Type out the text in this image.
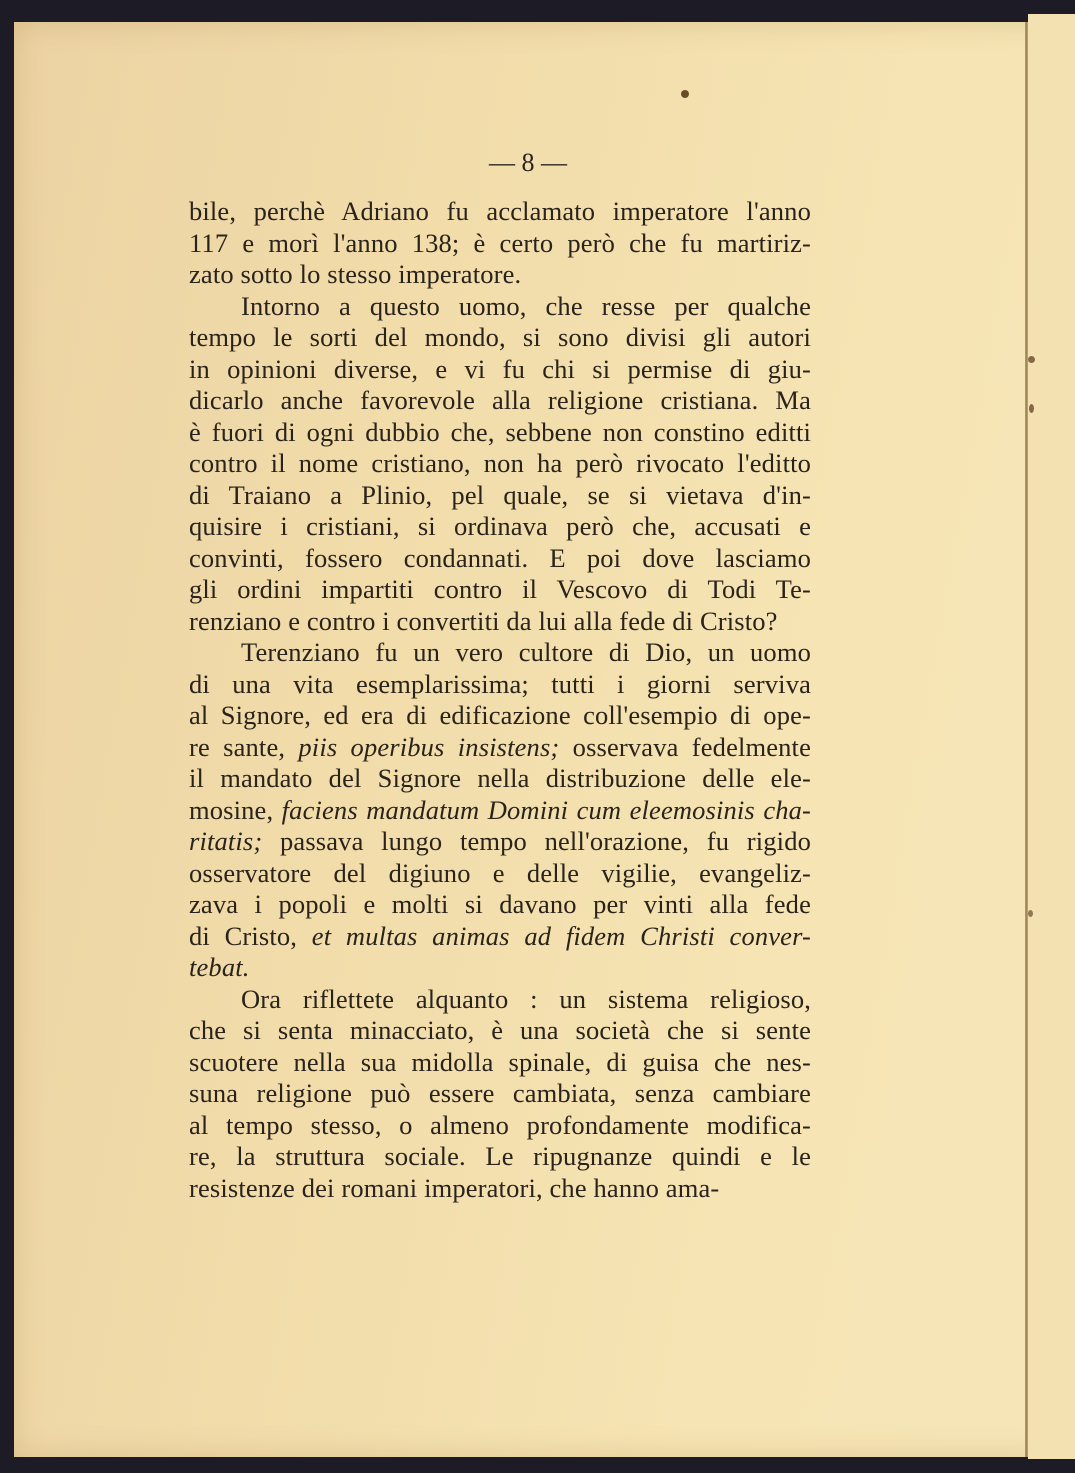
— 8 —
bile, perchè Adriano fu acclamato imperatore l'anno
117 e morì l'anno 138; è certo però che fu martiriz-
zato sotto lo stesso imperatore.
Intorno a questo uomo, che resse per qualche
tempo le sorti del mondo, si sono divisi gli autori
in opinioni diverse, e vi fu chi si permise di giu-
dicarlo anche favorevole alla religione cristiana. Ma
è fuori di ogni dubbio che, sebbene non constino editti
contro il nome cristiano, non ha però rivocato l'editto
di Traiano a Plinio, pel quale, se si vietava d'in-
quisire i cristiani, si ordinava però che, accusati e
convinti, fossero condannati. E poi dove lasciamo
gli ordini impartiti contro il Vescovo di Todi Te-
renziano e contro i convertiti da lui alla fede di Cristo?
Terenziano fu un vero cultore di Dio, un uomo
di una vita esemplarissima; tutti i giorni serviva
al Signore, ed era di edificazione coll'esempio di ope-
re sante, piis operibus insistens; osservava fedelmente
il mandato del Signore nella distribuzione delle ele-
mosine, faciens mandatum Domini cum eleemosinis cha-
ritatis; passava lungo tempo nell'orazione, fu rigido
osservatore del digiuno e delle vigilie, evangeliz-
zava i popoli e molti si davano per vinti alla fede
di Cristo, et multas animas ad fidem Christi conver-
tebat.
Ora riflettete alquanto : un sistema religioso,
che si senta minacciato, è una società che si sente
scuotere nella sua midolla spinale, di guisa che nes-
suna religione può essere cambiata, senza cambiare
al tempo stesso, o almeno profondamente modifica-
re, la struttura sociale. Le ripugnanze quindi e le
resistenze dei romani imperatori, che hanno ama-
